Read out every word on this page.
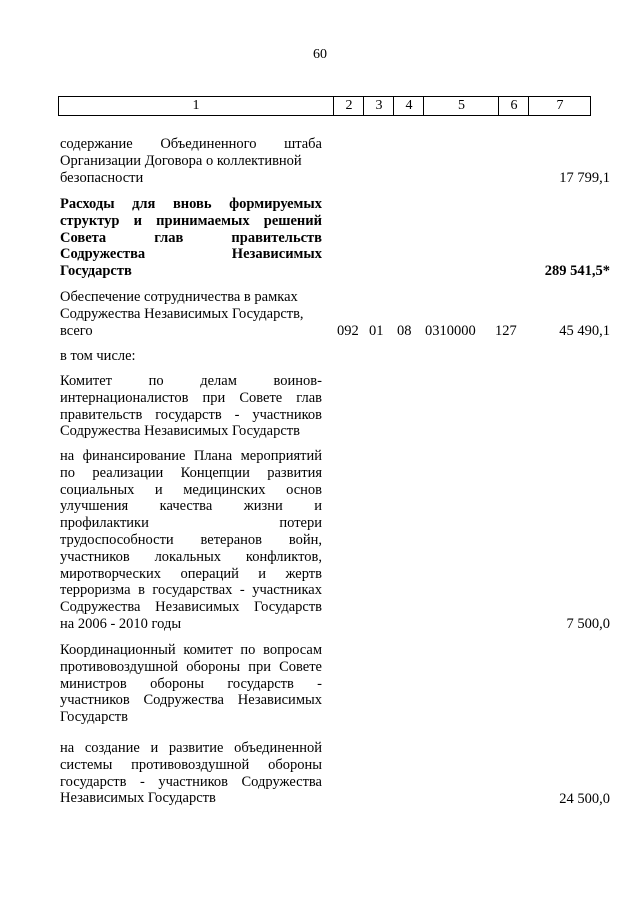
60
1	2	3	4	5	6	7
содержание Объединенного штаба
Организации Договора о коллективной
безопасности	17 799,1
Расходы для вновь формируемых
структур и принимаемых решений
Совета глав правительств
Содружества Независимых
Государств	289 541,5*
Обеспечение сотрудничества в рамках
Содружества Независимых Государств,
всего	092 01 08 0310000 127	45 490,1
в том числе:
Комитет по делам воинов-
интернационалистов при Совете глав
правительств государств - участников
Содружества Независимых Государств
на финансирование Плана мероприятий
по реализации Концепции развития
социальных и медицинских основ
улучшения качества жизни и
профилактики потери
трудоспособности ветеранов войн,
участников локальных конфликтов,
миротворческих операций и жертв
терроризма в государствах - участниках
Содружества Независимых Государств
на 2006 - 2010 годы	7 500,0
Координационный комитет по вопросам
противовоздушной обороны при Совете
министров обороны государств -
участников Содружества Независимых
Государств
на создание и развитие объединенной
системы противовоздушной обороны
государств - участников Содружества
Независимых Государств	24 500,0
